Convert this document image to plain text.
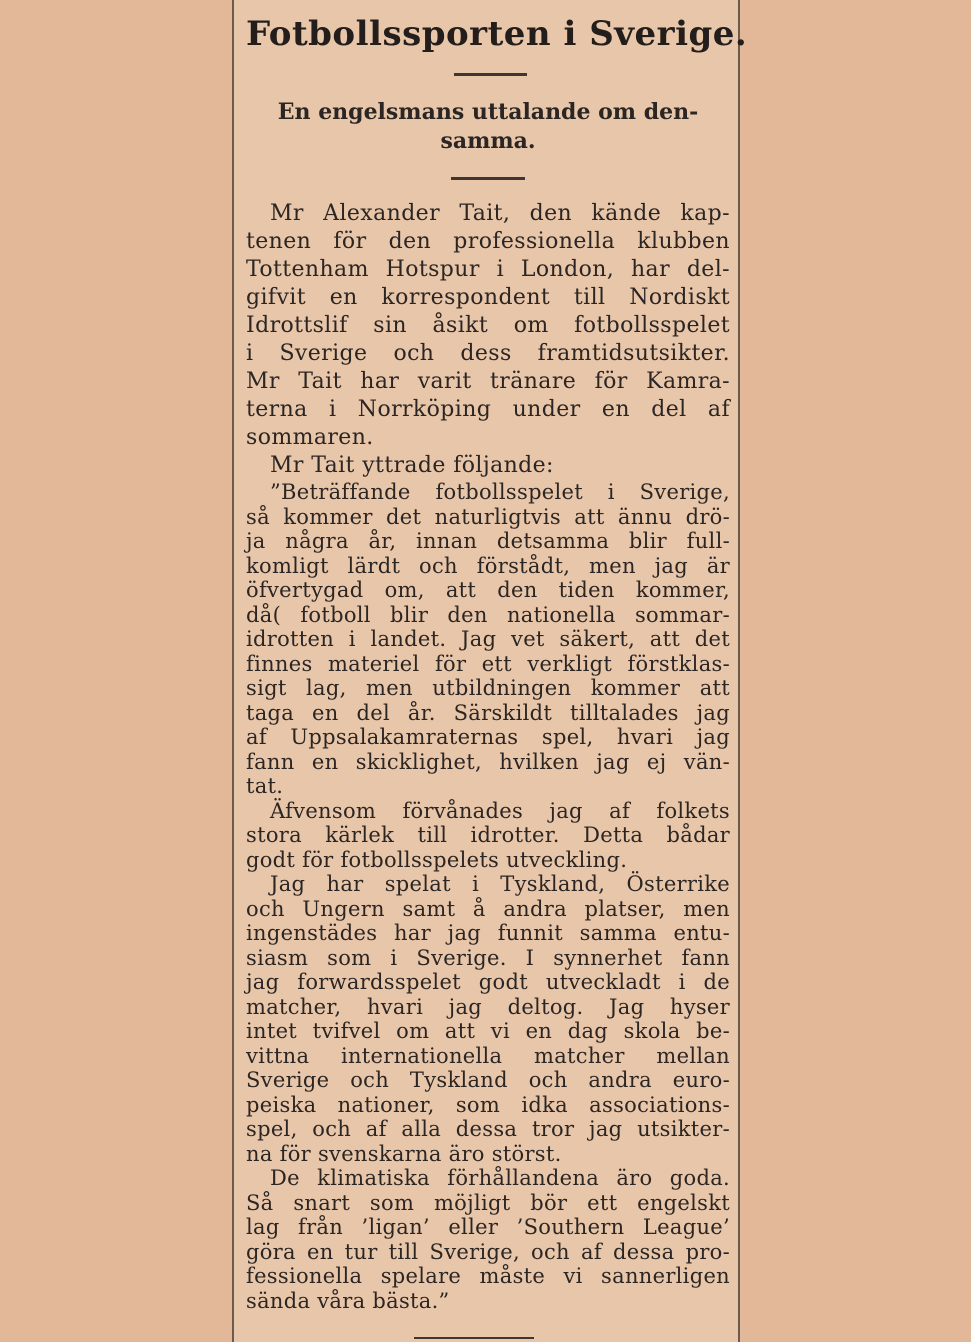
Fotbollssporten i Sverige.
En engelsmans uttalande om den-
samma.

Mr Alexander Tait, den kände kap-
tenen för den professionella klubben
Tottenham Hotspur i London, har del-
gifvit en korrespondent till Nordiskt
Idrottslif sin åsikt om fotbollsspelet
i Sverige och dess framtidsutsikter.
Mr Tait har varit tränare för Kamra-
terna i Norrköping under en del af
sommaren.

Mr Tait yttrade följande:

”Beträffande fotbollsspelet i Sverige,
så kommer det naturligtvis att ännu drö-
ja några år, innan detsamma blir full-
komligt lärdt och förstådt, men jag är
öfvertygad om, att den tiden kommer,
då( fotboll blir den nationella sommar-
idrotten i landet. Jag vet säkert, att det
finnes materiel för ett verkligt förstklas-
sigt lag, men utbildningen kommer att
taga en del år. Särskildt tilltalades jag
af Uppsalakamraternas spel, hvari jag
fann en skicklighet, hvilken jag ej vän-
tat.

Äfvensom förvånades jag af folkets
stora kärlek till idrotter. Detta bådar
godt för fotbollsspelets utveckling.

Jag har spelat i Tyskland, Österrike
och Ungern samt å andra platser, men
ingenstädes har jag funnit samma entu-
siasm som i Sverige. I synnerhet fann
jag forwardsspelet godt utveckladt i de
matcher, hvari jag deltog. Jag hyser
intet tvifvel om att vi en dag skola be-
vittna internationella matcher mellan
Sverige och Tyskland och andra euro-
peiska nationer, som idka associations-
spel, och af alla dessa tror jag utsikter-
na för svenskarna äro störst.

De klimatiska förhållandena äro goda.
Så snart som möjligt bör ett engelskt
lag från ’ligan’ eller ’Southern League’
göra en tur till Sverige, och af dessa pro-
fessionella spelare måste vi sannerligen
sända våra bästa.”
